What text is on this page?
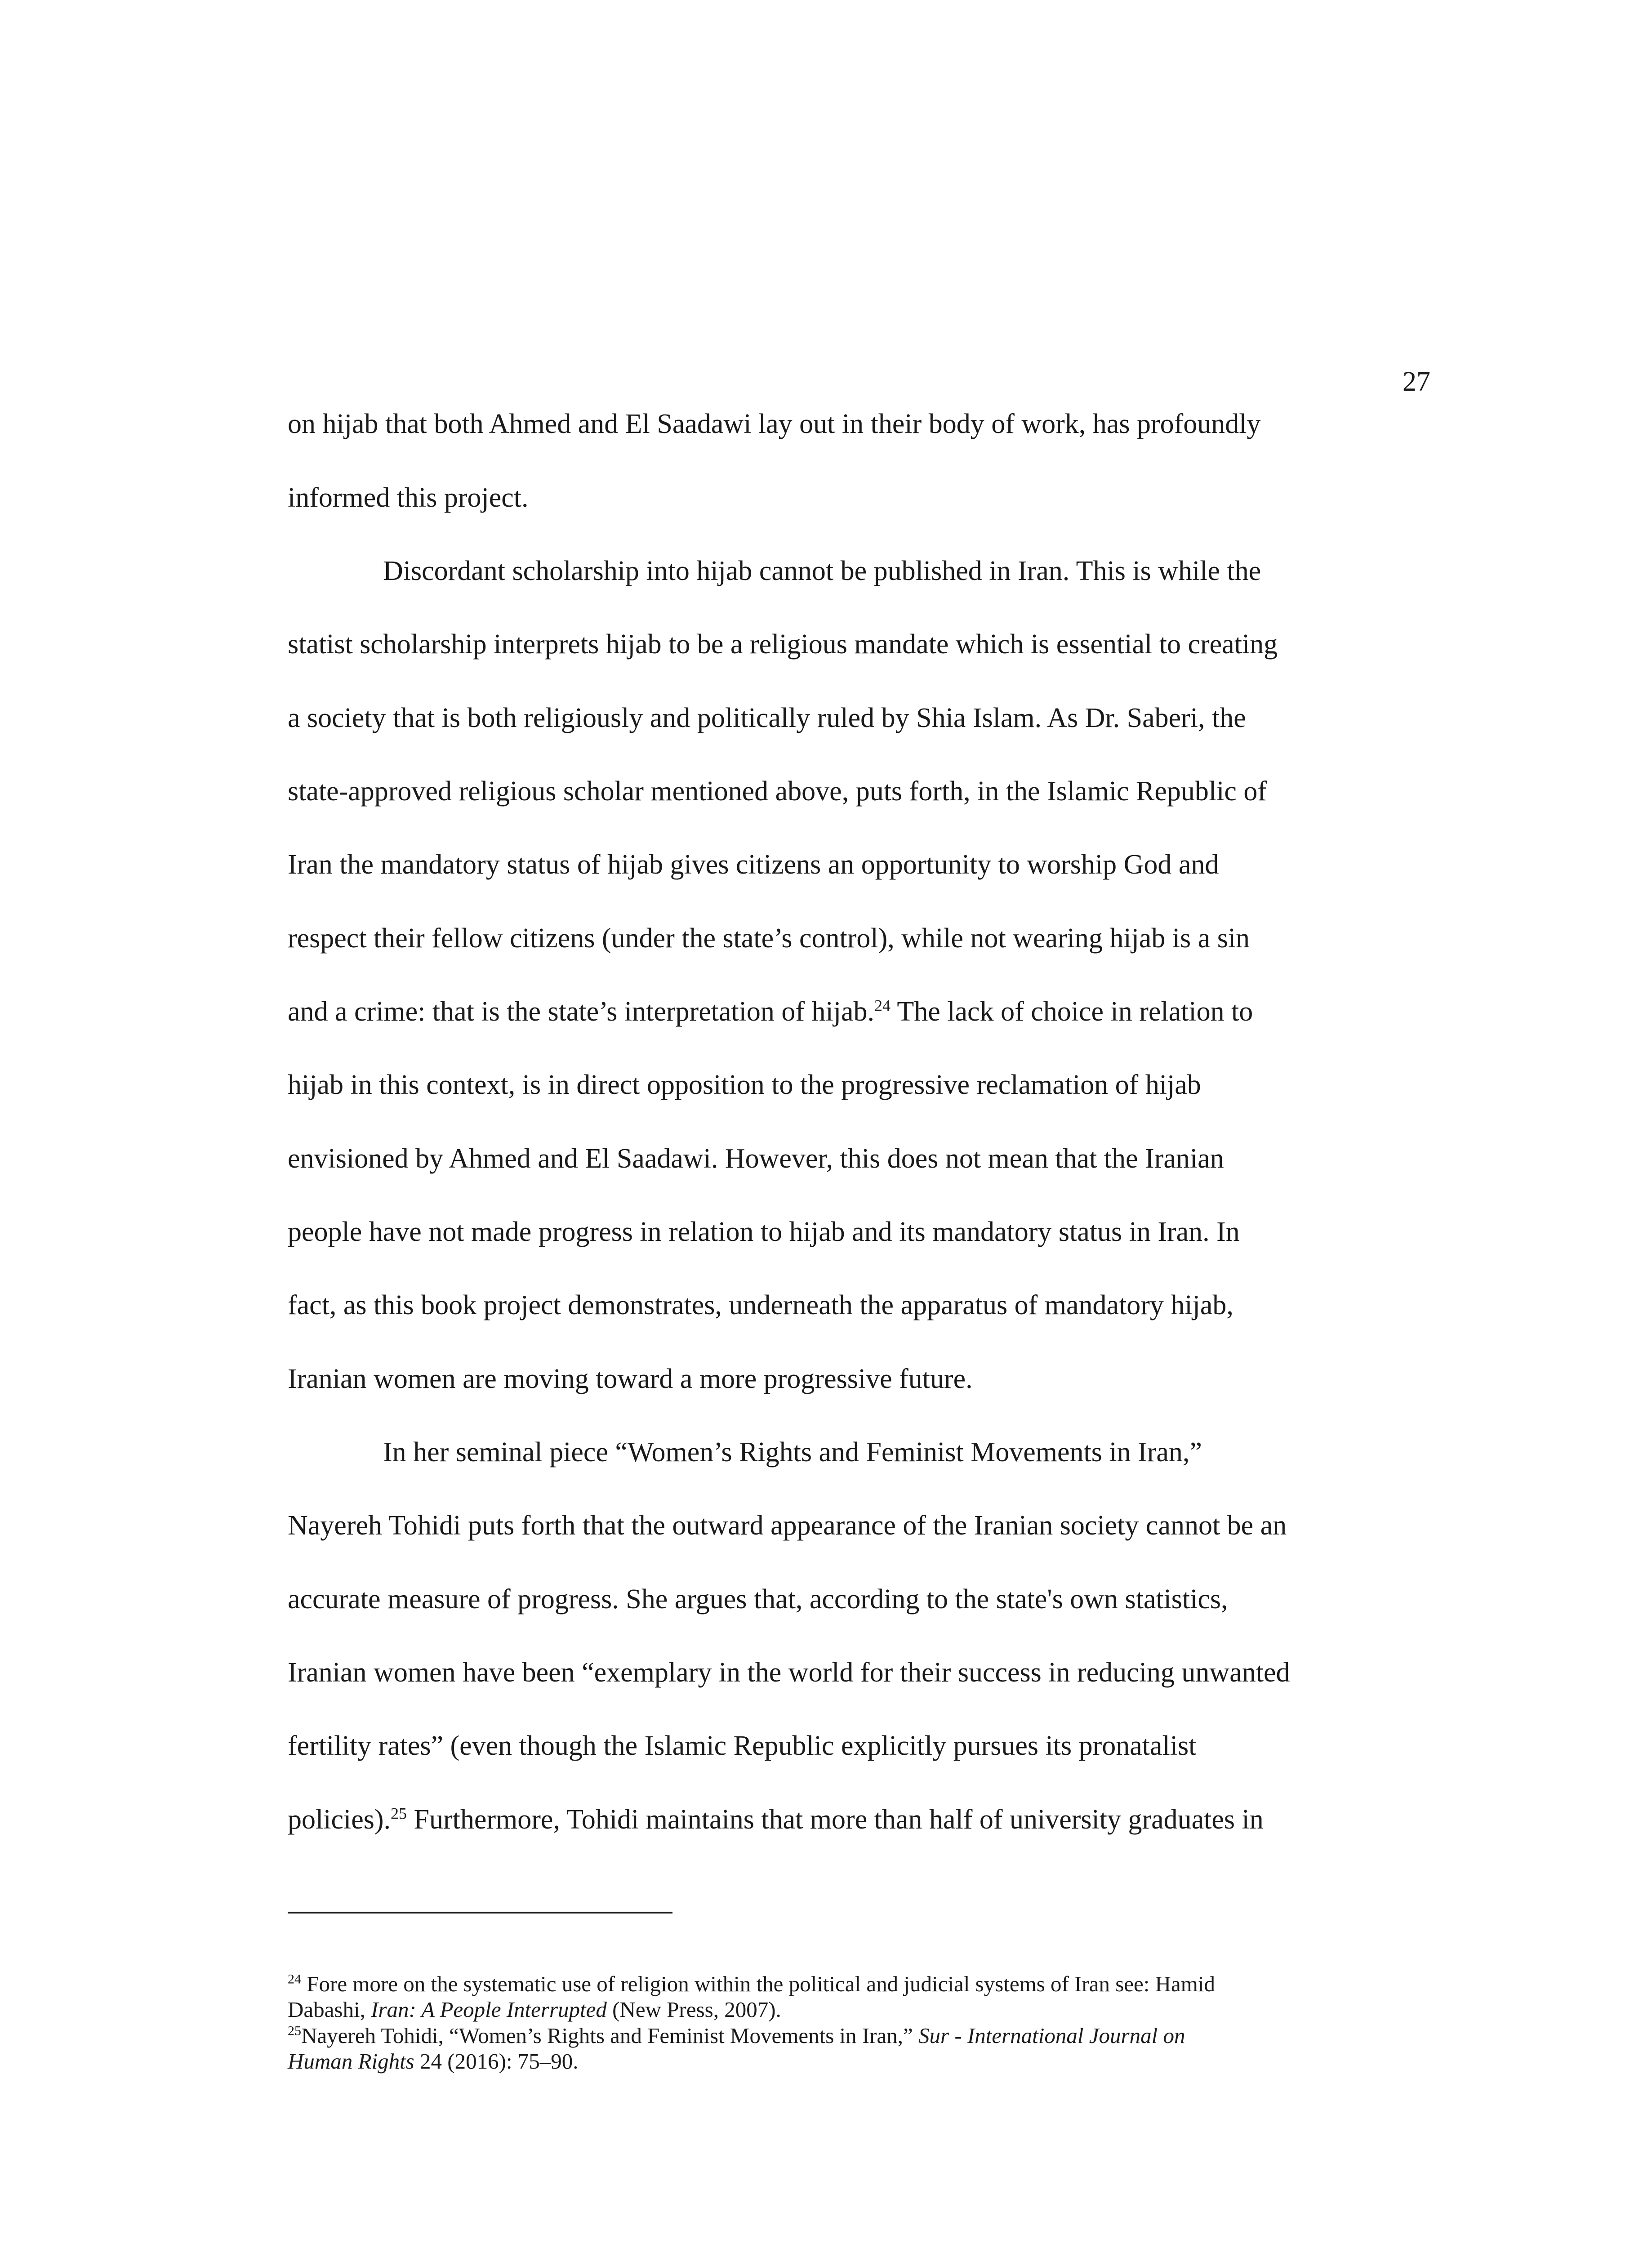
27
on hijab that both Ahmed and El Saadawi lay out in their body of work, has profoundly
informed this project.
Discordant scholarship into hijab cannot be published in Iran. This is while the
statist scholarship interprets hijab to be a religious mandate which is essential to creating
a society that is both religiously and politically ruled by Shia Islam. As Dr. Saberi, the
state-approved religious scholar mentioned above, puts forth, in the Islamic Republic of
Iran the mandatory status of hijab gives citizens an opportunity to worship God and
respect their fellow citizens (under the state’s control), while not wearing hijab is a sin
and a crime: that is the state’s interpretation of hijab.$^{24}$ The lack of choice in relation to
hijab in this context, is in direct opposition to the progressive reclamation of hijab
envisioned by Ahmed and El Saadawi. However, this does not mean that the Iranian
people have not made progress in relation to hijab and its mandatory status in Iran. In
fact, as this book project demonstrates, underneath the apparatus of mandatory hijab,
Iranian women are moving toward a more progressive future.
In her seminal piece “Women’s Rights and Feminist Movements in Iran,”
Nayereh Tohidi puts forth that the outward appearance of the Iranian society cannot be an
accurate measure of progress. She argues that, according to the state's own statistics,
Iranian women have been “exemplary in the world for their success in reducing unwanted
fertility rates” (even though the Islamic Republic explicitly pursues its pronatalist
policies).$^{25}$ Furthermore, Tohidi maintains that more than half of university graduates in
$^{24}$ Fore more on the systematic use of religion within the political and judicial systems of Iran see: Hamid
Dabashi, Iran: A People Interrupted (New Press, 2007).
$^{25}$Nayereh Tohidi, “Women’s Rights and Feminist Movements in Iran,” Sur - International Journal on
Human Rights 24 (2016): 75–90.
